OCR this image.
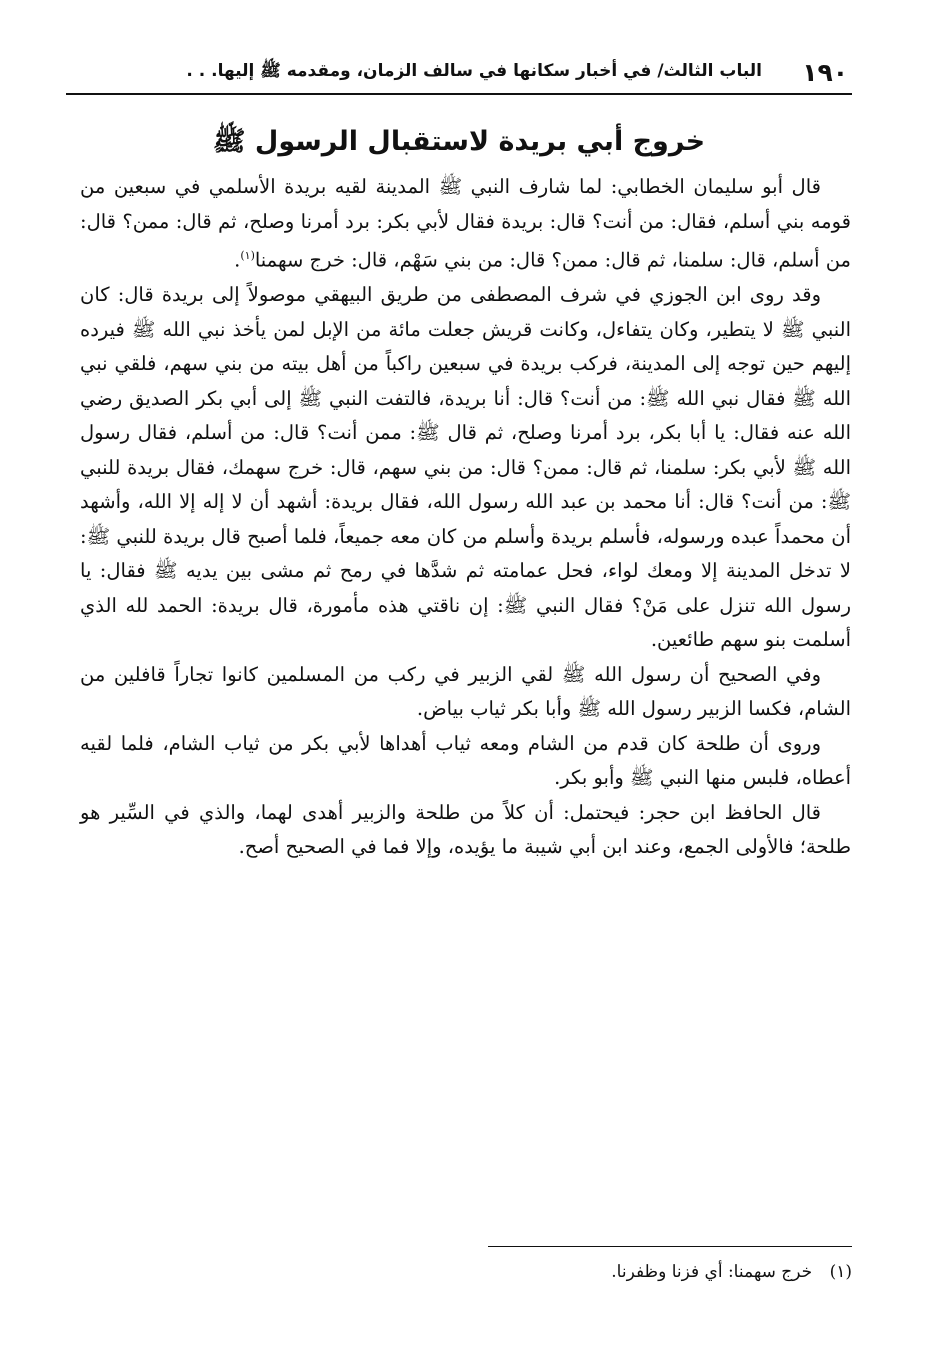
١٩٠
الباب الثالث/ في أخبار سكانها في سالف الزمان، ومقدمه ﷺ إليها. . .
خروج أبي بريدة لاستقبال الرسول ﷺ

قال أبو سليمان الخطابي: لما شارف النبي ﷺ المدينة لقيه بريدة الأسلمي في سبعين من قومه بني أسلم، فقال: من أنت؟ قال: بريدة فقال لأبي بكر: برد أمرنا وصلح، ثم قال: ممن؟ قال: من أسلم، قال: سلمنا، ثم قال: ممن؟ قال: من بني سَهْم، قال: خرج سهمنا$^{(١)}$.

وقد روى ابن الجوزي في شرف المصطفى من طريق البيهقي موصولاً إلى بريدة قال: كان النبي ﷺ لا يتطير، وكان يتفاءل، وكانت قريش جعلت مائة من الإبل لمن يأخذ نبي الله ﷺ فيرده إليهم حين توجه إلى المدينة، فركب بريدة في سبعين راكباً من أهل بيته من بني سهم، فلقي نبي الله ﷺ فقال نبي الله ﷺ: من أنت؟ قال: أنا بريدة، فالتفت النبي ﷺ إلى أبي بكر الصديق رضي الله عنه فقال: يا أبا بكر، برد أمرنا وصلح، ثم قال ﷺ: ممن أنت؟ قال: من أسلم، فقال رسول الله ﷺ لأبي بكر: سلمنا، ثم قال: ممن؟ قال: من بني سهم، قال: خرج سهمك، فقال بريدة للنبي ﷺ: من أنت؟ قال: أنا محمد بن عبد الله رسول الله، فقال بريدة: أشهد أن لا إله إلا الله، وأشهد أن محمداً عبده ورسوله، فأسلم بريدة وأسلم من كان معه جميعاً، فلما أصبح قال بريدة للنبي ﷺ: لا تدخل المدينة إلا ومعك لواء، فحل عمامته ثم شدَّها في رمح ثم مشى بين يديه ﷺ فقال: يا رسول الله تنزل على مَنْ؟ فقال النبي ﷺ: إن ناقتي هذه مأمورة، قال بريدة: الحمد لله الذي أسلمت بنو سهم طائعين.

وفي الصحيح أن رسول الله ﷺ لقي الزبير في ركب من المسلمين كانوا تجاراً قافلين من الشام، فكسا الزبير رسول الله ﷺ وأبا بكر ثياب بياض.

وروى أن طلحة كان قدم من الشام ومعه ثياب أهداها لأبي بكر من ثياب الشام، فلما لقيه أعطاه، فلبس منها النبي ﷺ وأبو بكر.

قال الحافظ ابن حجر: فيحتمل: أن كلاً من طلحة والزبير أهدى لهما، والذي في السِّير هو طلحة؛ فالأولى الجمع، وعند ابن أبي شيبة ما يؤيده، وإلا فما في الصحيح أصح.

(١) خرج سهمنا: أي فزنا وظفرنا.
